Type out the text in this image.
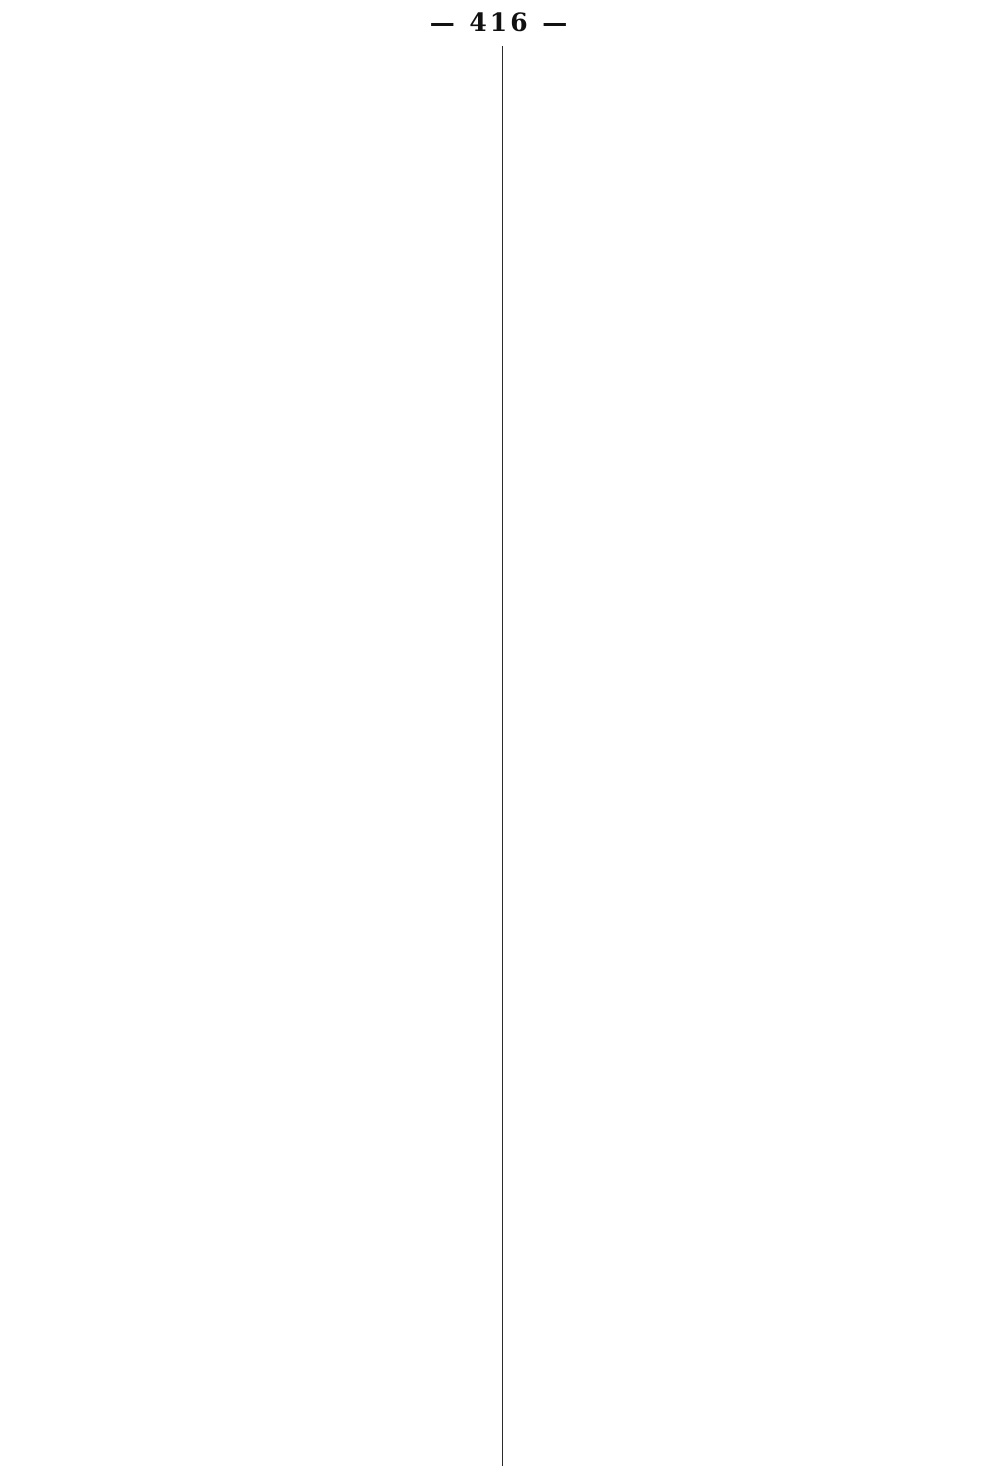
— 416 —
